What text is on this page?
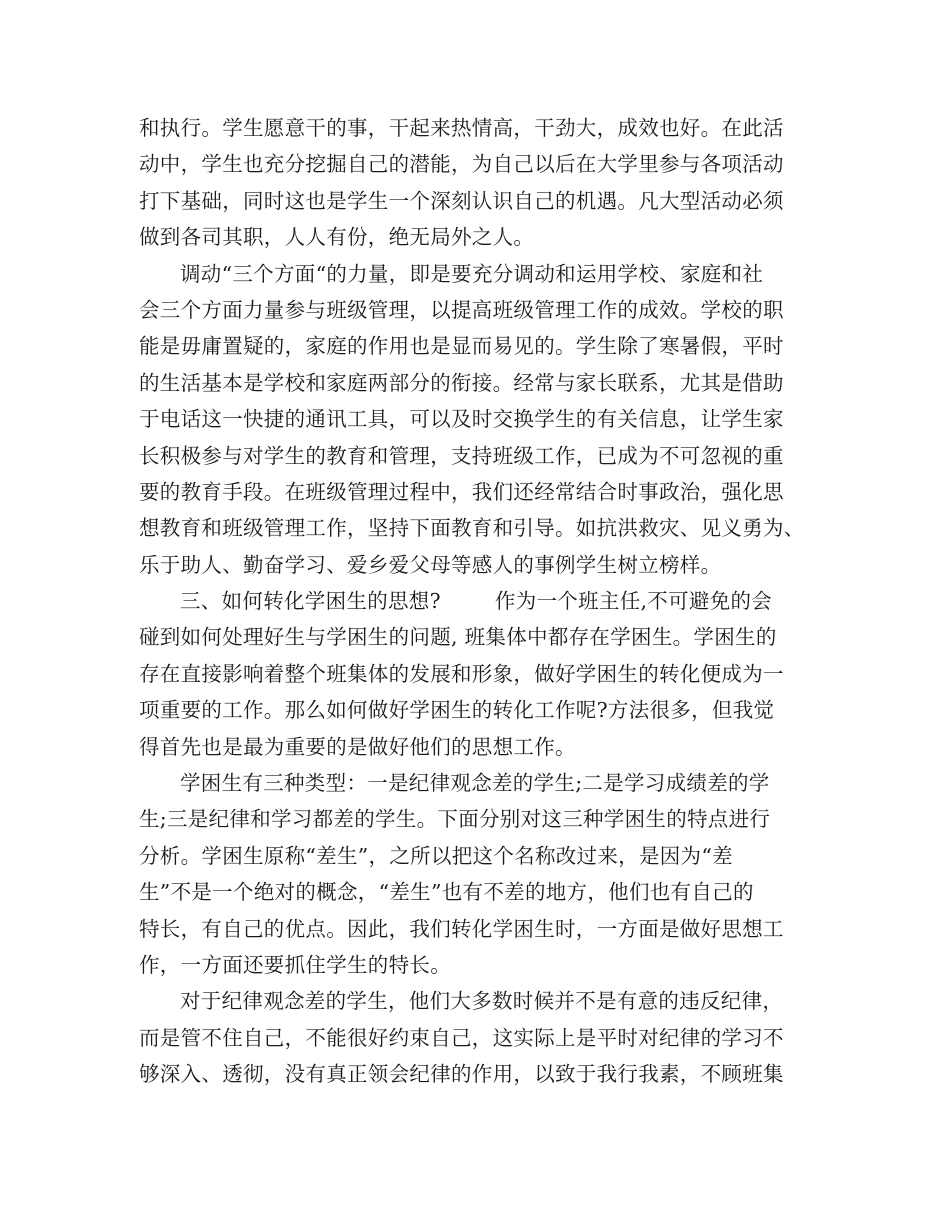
和执行。学生愿意干的事，干起来热情高，干劲大，成效也好。在此活
动中，学生也充分挖掘自己的潜能，为自己以后在大学里参与各项活动
打下基础，同时这也是学生一个深刻认识自己的机遇。凡大型活动必须
做到各司其职，人人有份，绝无局外之人。
调动“三个方面“的力量，即是要充分调动和运用学校、家庭和社
会三个方面力量参与班级管理，以提高班级管理工作的成效。学校的职
能是毋庸置疑的，家庭的作用也是显而易见的。学生除了寒暑假，平时
的生活基本是学校和家庭两部分的衔接。经常与家长联系，尤其是借助
于电话这一快捷的通讯工具，可以及时交换学生的有关信息，让学生家
长积极参与对学生的教育和管理，支持班级工作，已成为不可忽视的重
要的教育手段。在班级管理过程中，我们还经常结合时事政治，强化思
想教育和班级管理工作，坚持下面教育和引导。如抗洪救灾、见义勇为、
乐于助人、勤奋学习、爱乡爱父母等感人的事例学生树立榜样。
三、如何转化学困生的思想?	作为一个班主任,不可避免的会
碰到如何处理好生与学困生的问题, 班集体中都存在学困生。学困生的
存在直接影响着整个班集体的发展和形象，做好学困生的转化便成为一
项重要的工作。那么如何做好学困生的转化工作呢?方法很多，但我觉
得首先也是最为重要的是做好他们的思想工作。
学困生有三种类型：一是纪律观念差的学生;二是学习成绩差的学
生;三是纪律和学习都差的学生。下面分别对这三种学困生的特点进行
分析。学困生原称“差生”，之所以把这个名称改过来，是因为“差
生”不是一个绝对的概念，“差生”也有不差的地方，他们也有自己的
特长，有自己的优点。因此，我们转化学困生时，一方面是做好思想工
作，一方面还要抓住学生的特长。
对于纪律观念差的学生，他们大多数时候并不是有意的违反纪律，
而是管不住自己，不能很好约束自己，这实际上是平时对纪律的学习不
够深入、透彻，没有真正领会纪律的作用，以致于我行我素，不顾班集
